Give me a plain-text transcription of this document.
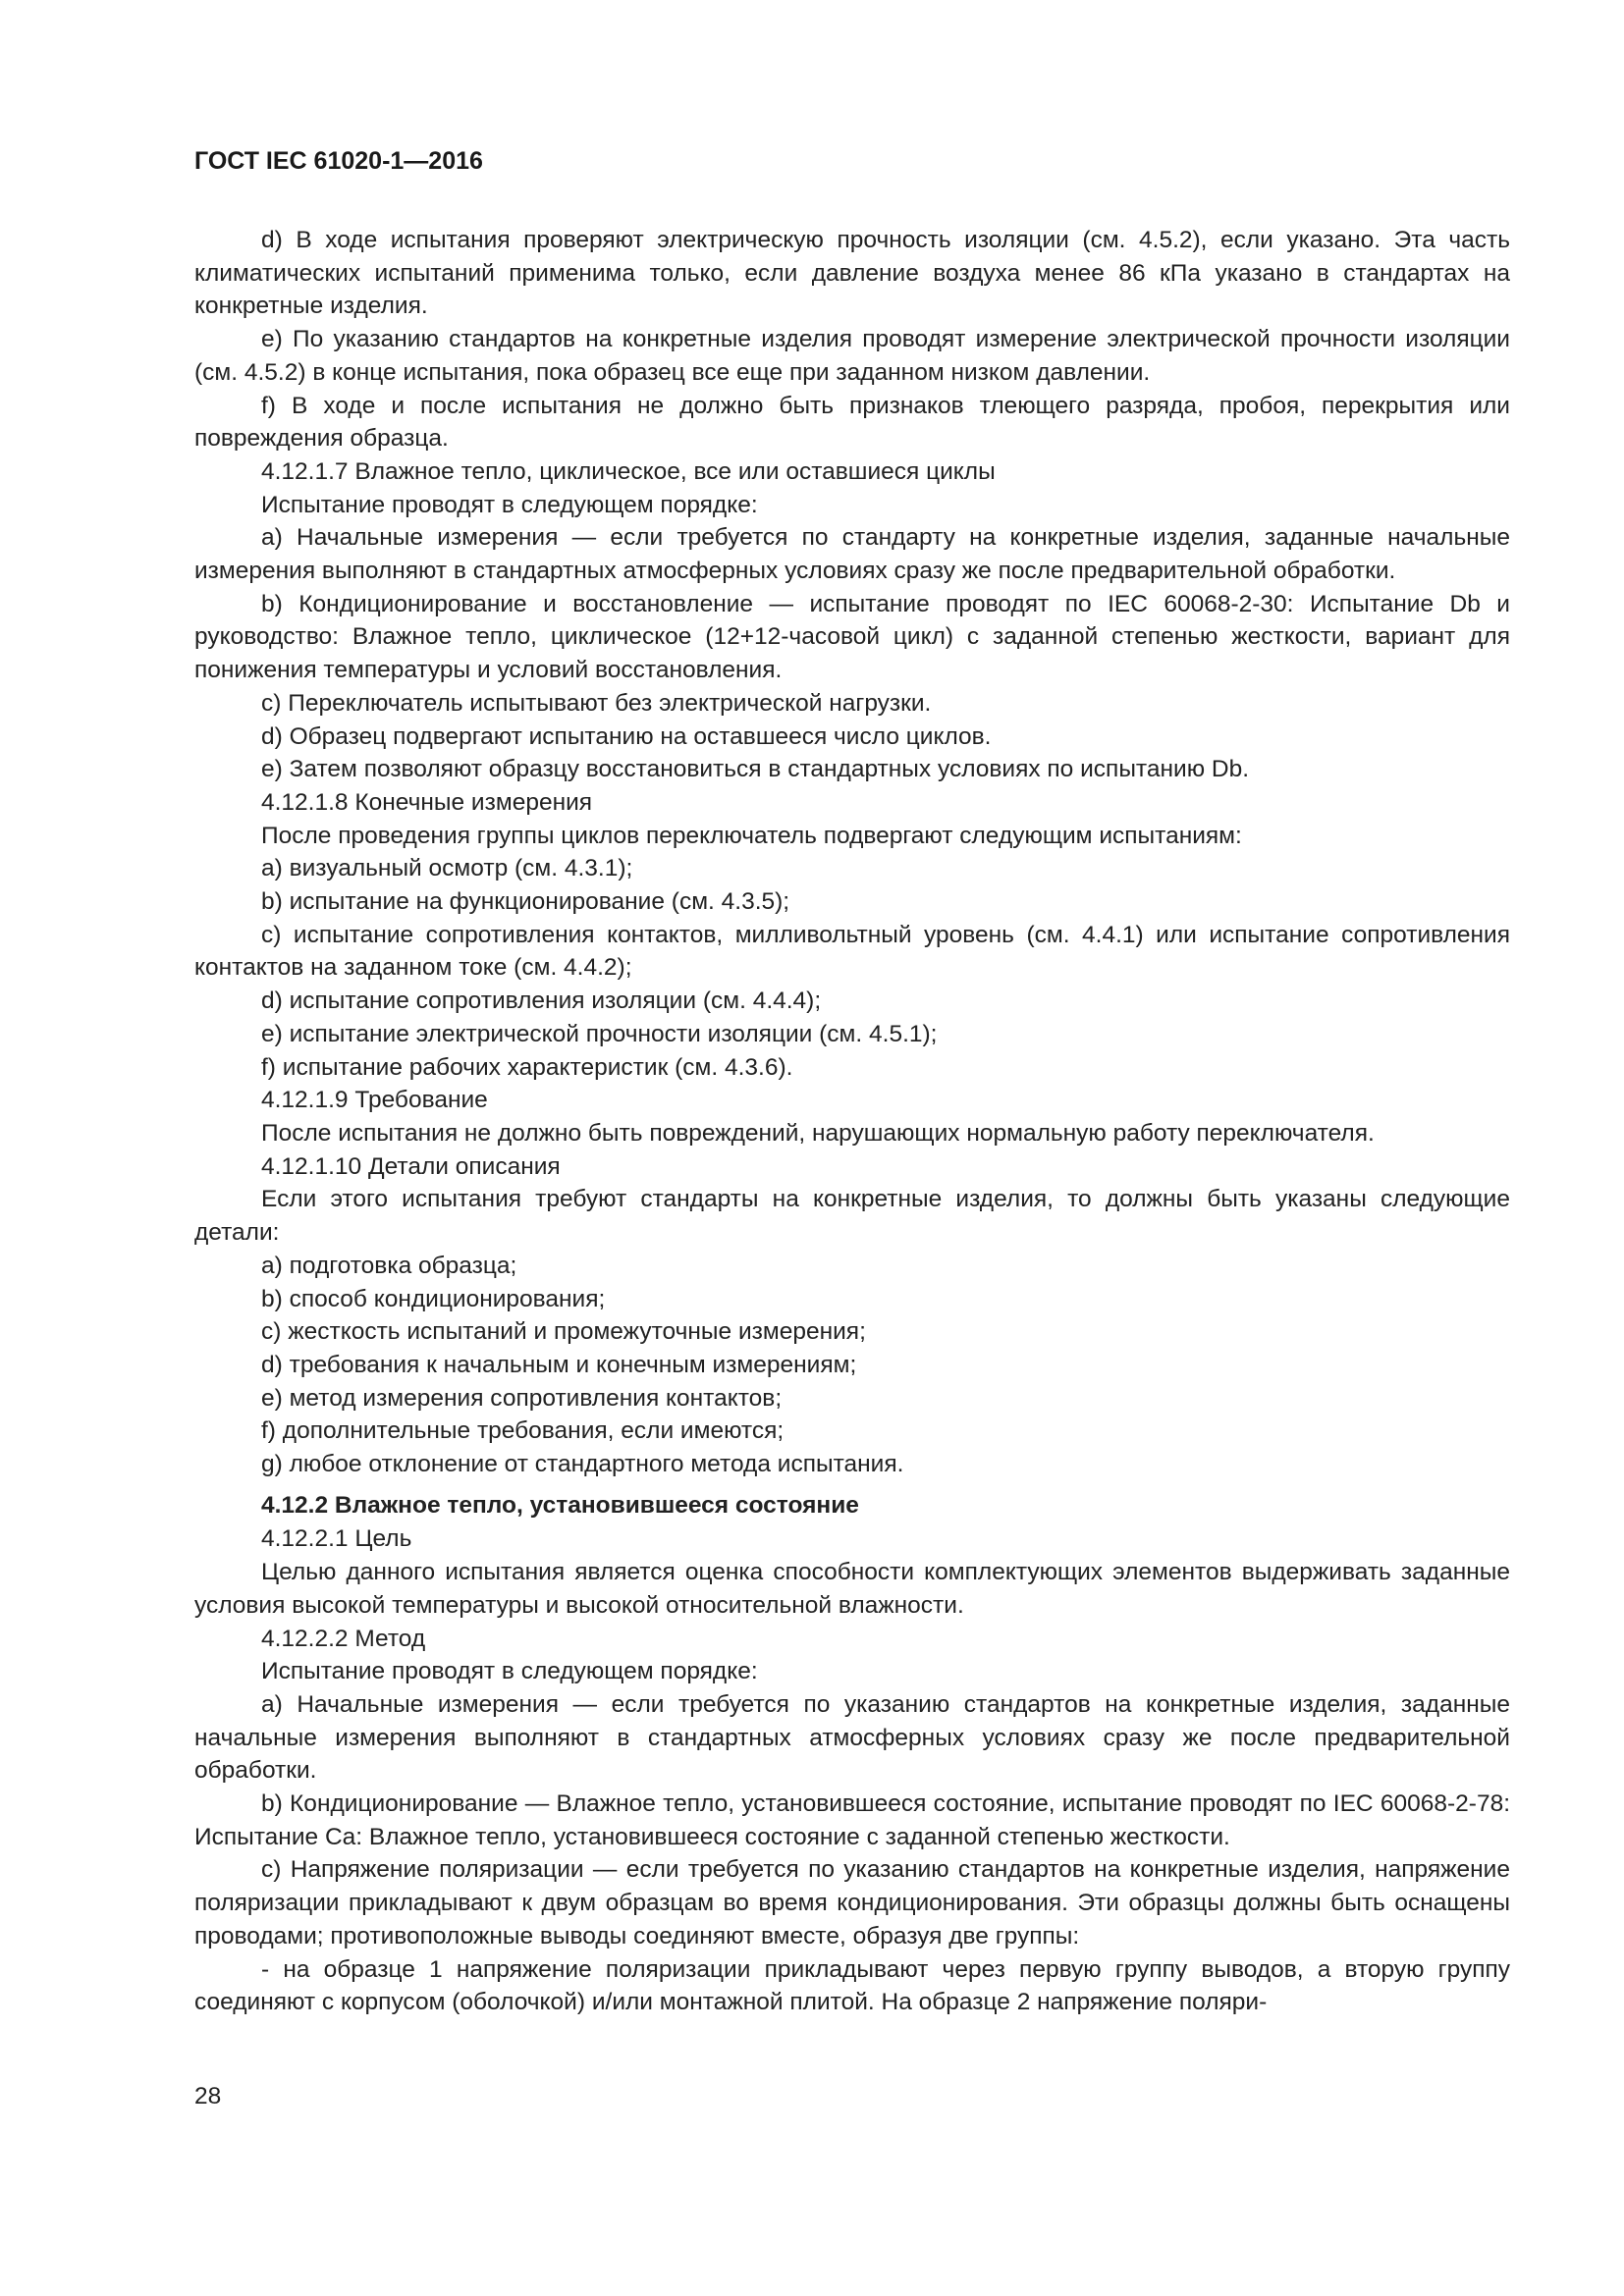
ГОСТ IEC 61020-1—2016

d) В ходе испытания проверяют электрическую прочность изоляции (см. 4.5.2), если указано. Эта часть климатических испытаний применима только, если давление воздуха менее 86 кПа указано в стандартах на конкретные изделия.

e) По указанию стандартов на конкретные изделия проводят измерение электрической прочности изоляции (см. 4.5.2) в конце испытания, пока образец все еще при заданном низком давлении.

f) В ходе и после испытания не должно быть признаков тлеющего разряда, пробоя, перекрытия или повреждения образца.

4.12.1.7 Влажное тепло, циклическое, все или оставшиеся циклы

Испытание проводят в следующем порядке:

a) Начальные измерения — если требуется по стандарту на конкретные изделия, заданные начальные измерения выполняют в стандартных атмосферных условиях сразу же после предварительной обработки.

b) Кондиционирование и восстановление — испытание проводят по IEC 60068-2-30: Испытание Db и руководство: Влажное тепло, циклическое (12+12-часовой цикл) с заданной степенью жесткости, вариант для понижения температуры и условий восстановления.

c) Переключатель испытывают без электрической нагрузки.

d) Образец подвергают испытанию на оставшееся число циклов.

e) Затем позволяют образцу восстановиться в стандартных условиях по испытанию Db.

4.12.1.8 Конечные измерения

После проведения группы циклов переключатель подвергают следующим испытаниям:

a) визуальный осмотр (см. 4.3.1);

b) испытание на функционирование (см. 4.3.5);

c) испытание сопротивления контактов, милливольтный уровень (см. 4.4.1) или испытание сопротивления контактов на заданном токе (см. 4.4.2);

d) испытание сопротивления изоляции (см. 4.4.4);

e) испытание электрической прочности изоляции (см. 4.5.1);

f) испытание рабочих характеристик (см. 4.3.6).

4.12.1.9 Требование

После испытания не должно быть повреждений, нарушающих нормальную работу переключателя.

4.12.1.10 Детали описания

Если этого испытания требуют стандарты на конкретные изделия, то должны быть указаны следующие детали:

a) подготовка образца;

b) способ кондиционирования;

c) жесткость испытаний и промежуточные измерения;

d) требования к начальным и конечным измерениям;

e) метод измерения сопротивления контактов;

f) дополнительные требования, если имеются;

g) любое отклонение от стандартного метода испытания.

4.12.2 Влажное тепло, установившееся состояние

4.12.2.1 Цель

Целью данного испытания является оценка способности комплектующих элементов выдерживать заданные условия высокой температуры и высокой относительной влажности.

4.12.2.2 Метод

Испытание проводят в следующем порядке:

a) Начальные измерения — если требуется по указанию стандартов на конкретные изделия, заданные начальные измерения выполняют в стандартных атмосферных условиях сразу же после предварительной обработки.

b) Кондиционирование — Влажное тепло, установившееся состояние, испытание проводят по IEC 60068-2-78: Испытание Ca: Влажное тепло, установившееся состояние с заданной степенью жесткости.

c) Напряжение поляризации — если требуется по указанию стандартов на конкретные изделия, напряжение поляризации прикладывают к двум образцам во время кондиционирования. Эти образцы должны быть оснащены проводами; противоположные выводы соединяют вместе, образуя две группы:

- на образце 1 напряжение поляризации прикладывают через первую группу выводов, а вторую группу соединяют с корпусом (оболочкой) и/или монтажной плитой. На образце 2 напряжение поляри-

28
